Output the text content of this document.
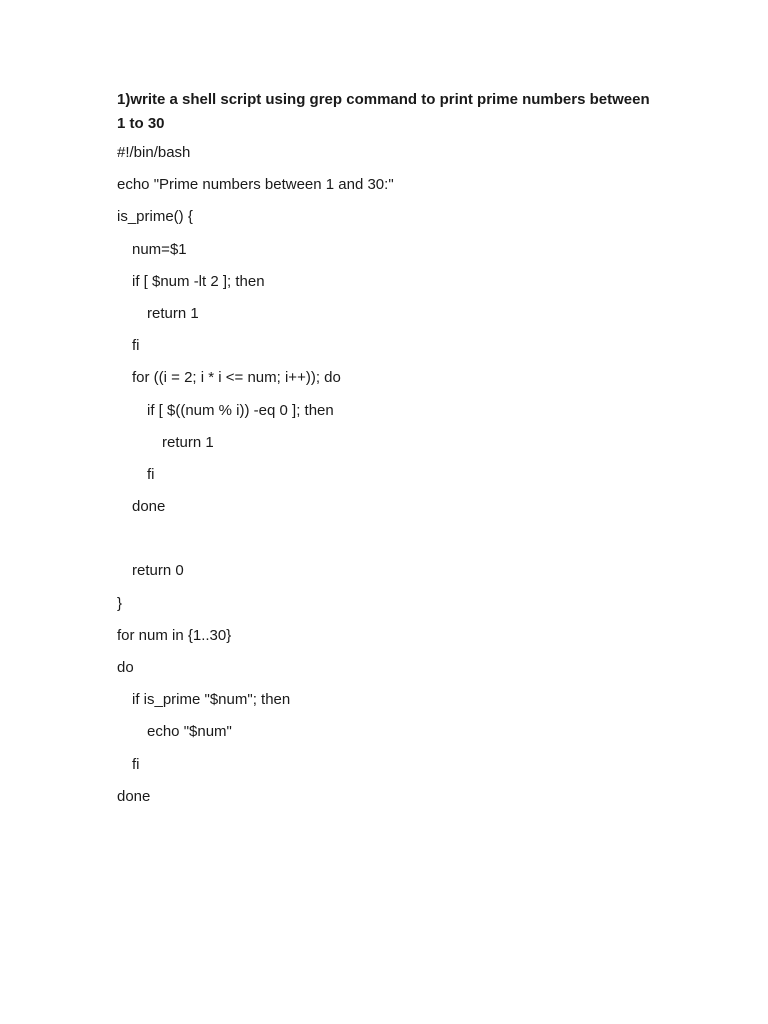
1)write a shell script using grep command to print prime numbers between 1 to 30
#!/bin/bash
echo "Prime numbers between 1 and 30:"
is_prime() {
num=$1
if [ $num -lt 2 ]; then
return 1
fi
for ((i = 2; i * i <= num; i++)); do
if [ $((num % i)) -eq 0 ]; then
return 1
fi
done
return 0
}
for num in {1..30}
do
if is_prime "$num"; then
echo "$num"
fi
done
